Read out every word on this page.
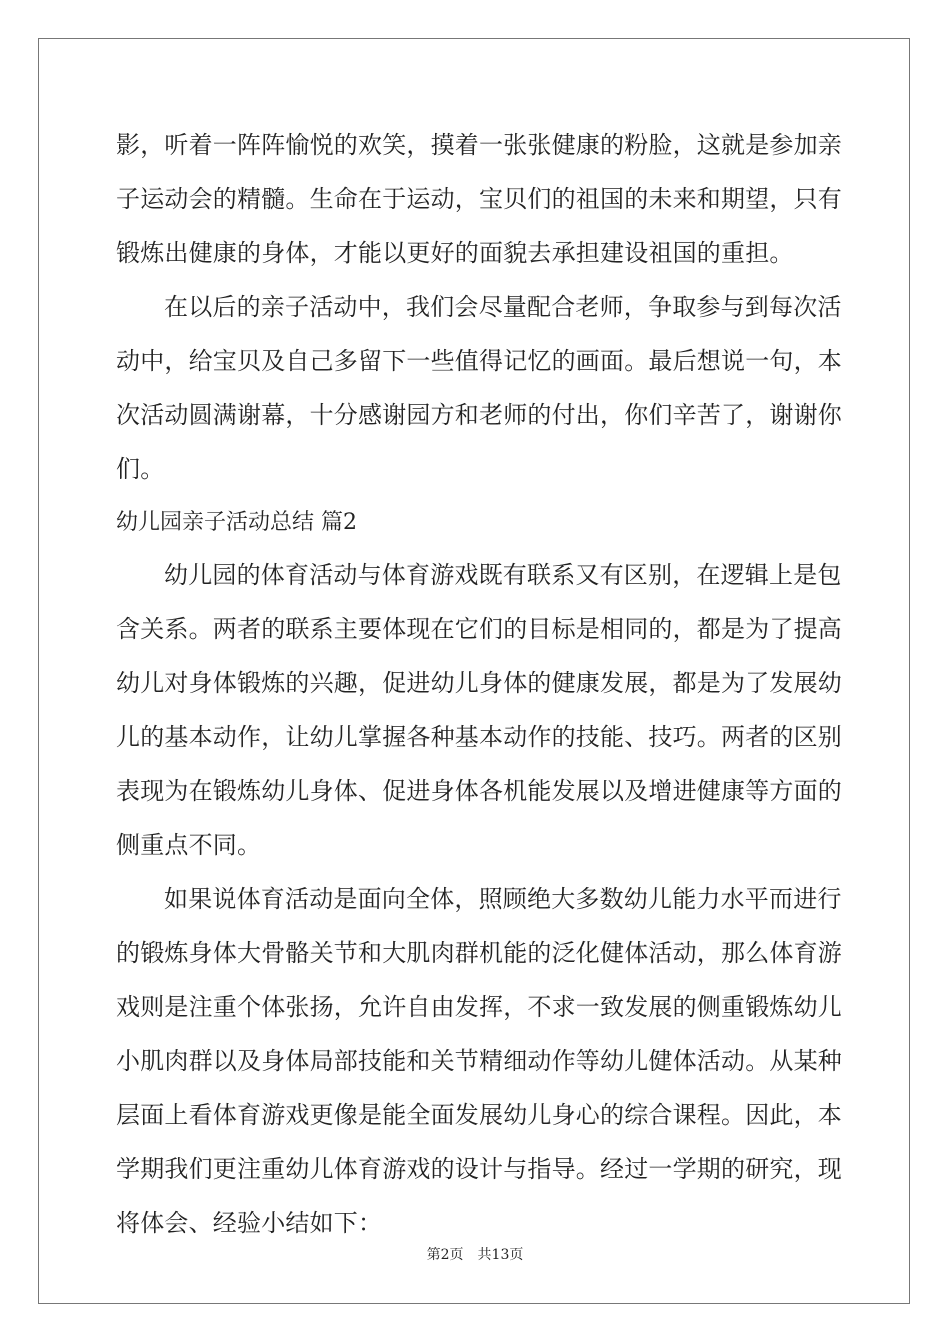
影，听着一阵阵愉悦的欢笑，摸着一张张健康的粉脸，这就是参加亲
子运动会的精髓。生命在于运动，宝贝们的祖国的未来和期望，只有
锻炼出健康的身体，才能以更好的面貌去承担建设祖国的重担。
在以后的亲子活动中，我们会尽量配合老师，争取参与到每次活
动中，给宝贝及自己多留下一些值得记忆的画面。最后想说一句，本
次活动圆满谢幕，十分感谢园方和老师的付出，你们辛苦了，谢谢你
们。
幼儿园亲子活动总结 篇2
幼儿园的体育活动与体育游戏既有联系又有区别，在逻辑上是包
含关系。两者的联系主要体现在它们的目标是相同的，都是为了提高
幼儿对身体锻炼的兴趣，促进幼儿身体的健康发展，都是为了发展幼
儿的基本动作，让幼儿掌握各种基本动作的技能、技巧。两者的区别
表现为在锻炼幼儿身体、促进身体各机能发展以及增进健康等方面的
侧重点不同。
如果说体育活动是面向全体，照顾绝大多数幼儿能力水平而进行
的锻炼身体大骨骼关节和大肌肉群机能的泛化健体活动，那么体育游
戏则是注重个体张扬，允许自由发挥，不求一致发展的侧重锻炼幼儿
小肌肉群以及身体局部技能和关节精细动作等幼儿健体活动。从某种
层面上看体育游戏更像是能全面发展幼儿身心的综合课程。因此，本
学期我们更注重幼儿体育游戏的设计与指导。经过一学期的研究，现
将体会、经验小结如下：
第2页　共13页
